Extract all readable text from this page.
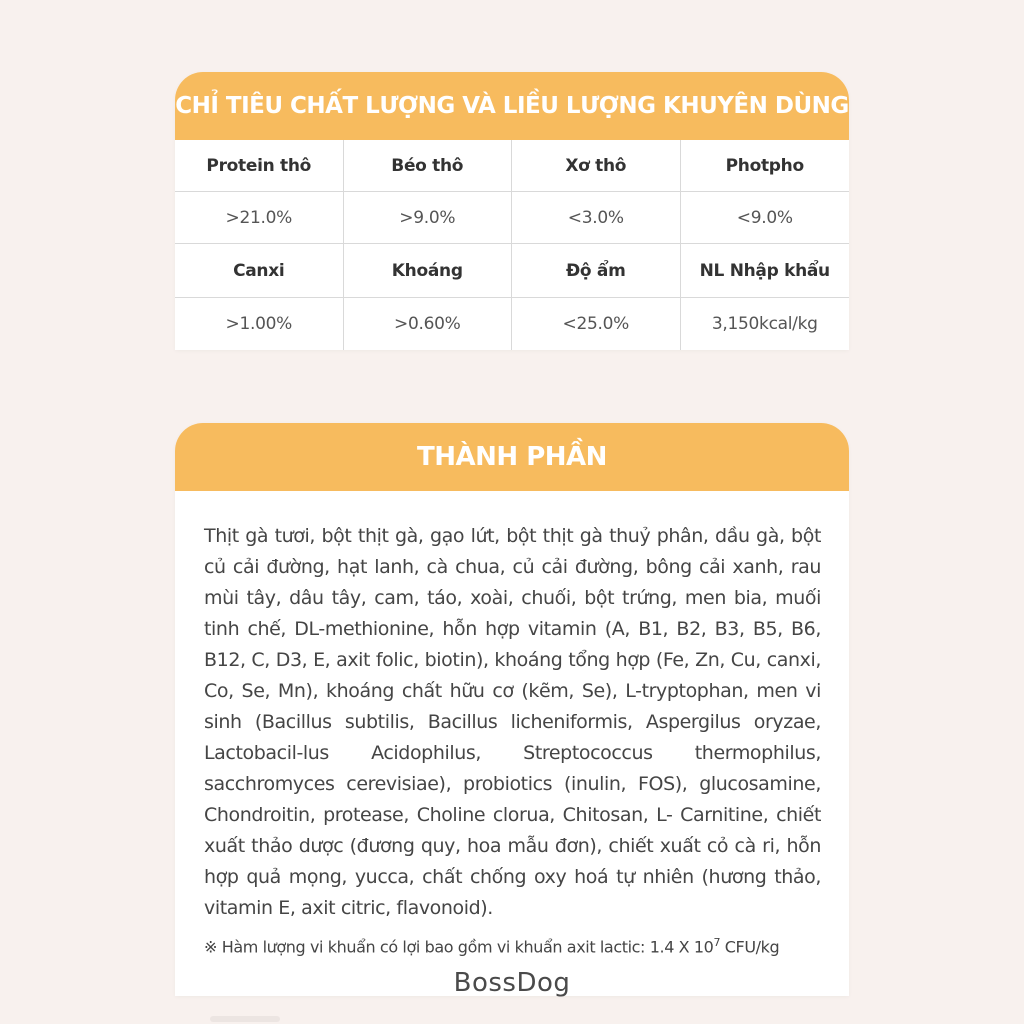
CHỈ TIÊU CHẤT LƯỢNG VÀ LIỀU LƯỢNG KHUYÊN DÙNG
Protein thô	Béo thô	Xơ thô	Photpho
>21.0%	>9.0%	<3.0%	<9.0%
Canxi	Khoáng	Độ ẩm	NL Nhập khẩu
>1.00%	>0.60%	<25.0%	3,150kcal/kg
THÀNH PHẦN
Thịt gà tươi, bột thịt gà, gạo lứt, bột thịt gà thuỷ phân, dầu gà, bột củ cải đường, hạt lanh, cà chua, củ cải đường, bông cải xanh, rau mùi tây, dâu tây, cam, táo, xoài, chuối, bột trứng, men bia, muối tinh chế, DL-methionine, hỗn hợp vitamin (A, B1, B2, B3, B5, B6, B12, C, D3, E, axit folic, biotin), khoáng tổng hợp (Fe, Zn, Cu, canxi, Co, Se, Mn), khoáng chất hữu cơ (kẽm, Se), L-tryptophan, men vi sinh (Bacillus subtilis, Bacillus licheniformis, Aspergilus oryzae, Lactobacil-lus Acidophilus, Streptococcus thermophilus, sacchromyces cerevisiae), probiotics (inulin, FOS), glucosamine, Chondroitin, protease, Choline clorua, Chitosan, L- Carnitine, chiết xuất thảo dược (đương quy, hoa mẫu đơn), chiết xuất cỏ cà ri, hỗn hợp quả mọng, yucca, chất chống oxy hoá tự nhiên (hương thảo, vitamin E, axit citric, flavonoid).
※ Hàm lượng vi khuẩn có lợi bao gồm vi khuẩn axit lactic: 1.4 X $10^7$ CFU/kg
BossDog
